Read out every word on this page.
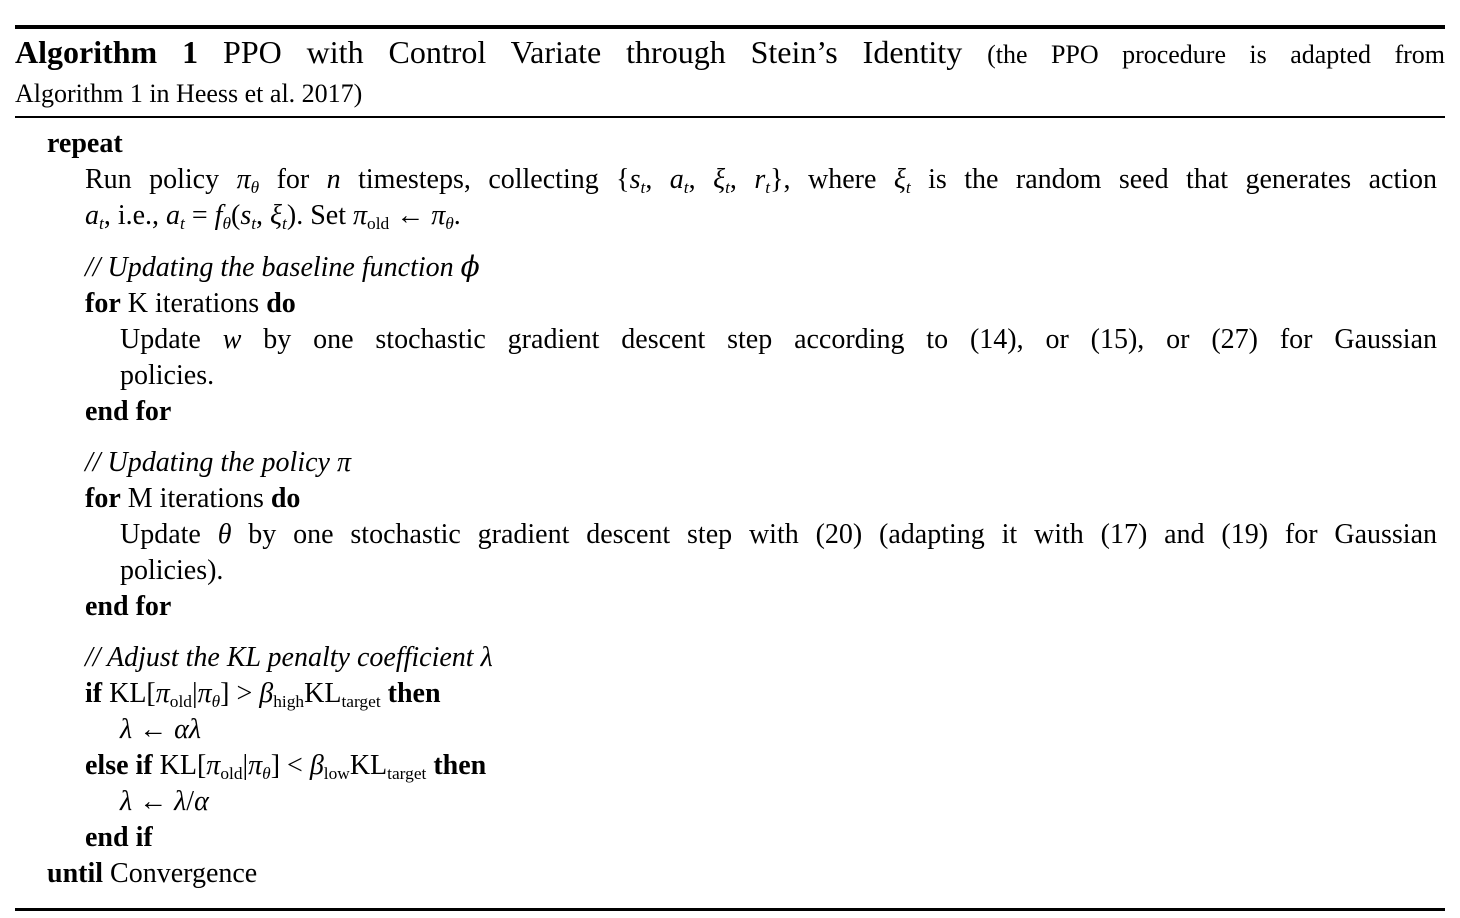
Algorithm 1 PPO with Control Variate through Stein’s Identity (the PPO procedure is adapted from
Algorithm 1 in Heess et al. 2017)
repeat
Run policy πθ for n timesteps, collecting {st, at, ξt, rt}, where ξt is the random seed that generates action
at, i.e., at = fθ(st, ξt). Set πold ← πθ.
// Updating the baseline function ϕ
for K iterations do
Update w by one stochastic gradient descent step according to (14), or (15), or (27) for Gaussian
policies.
end for
// Updating the policy π
for M iterations do
Update θ by one stochastic gradient descent step with (20) (adapting it with (17) and (19) for Gaussian
policies).
end for
// Adjust the KL penalty coefficient λ
if KL[πold|πθ] > βhighKLtarget then
λ ← αλ
else if KL[πold|πθ] < βlowKLtarget then
λ ← λ/α
end if
until Convergence
